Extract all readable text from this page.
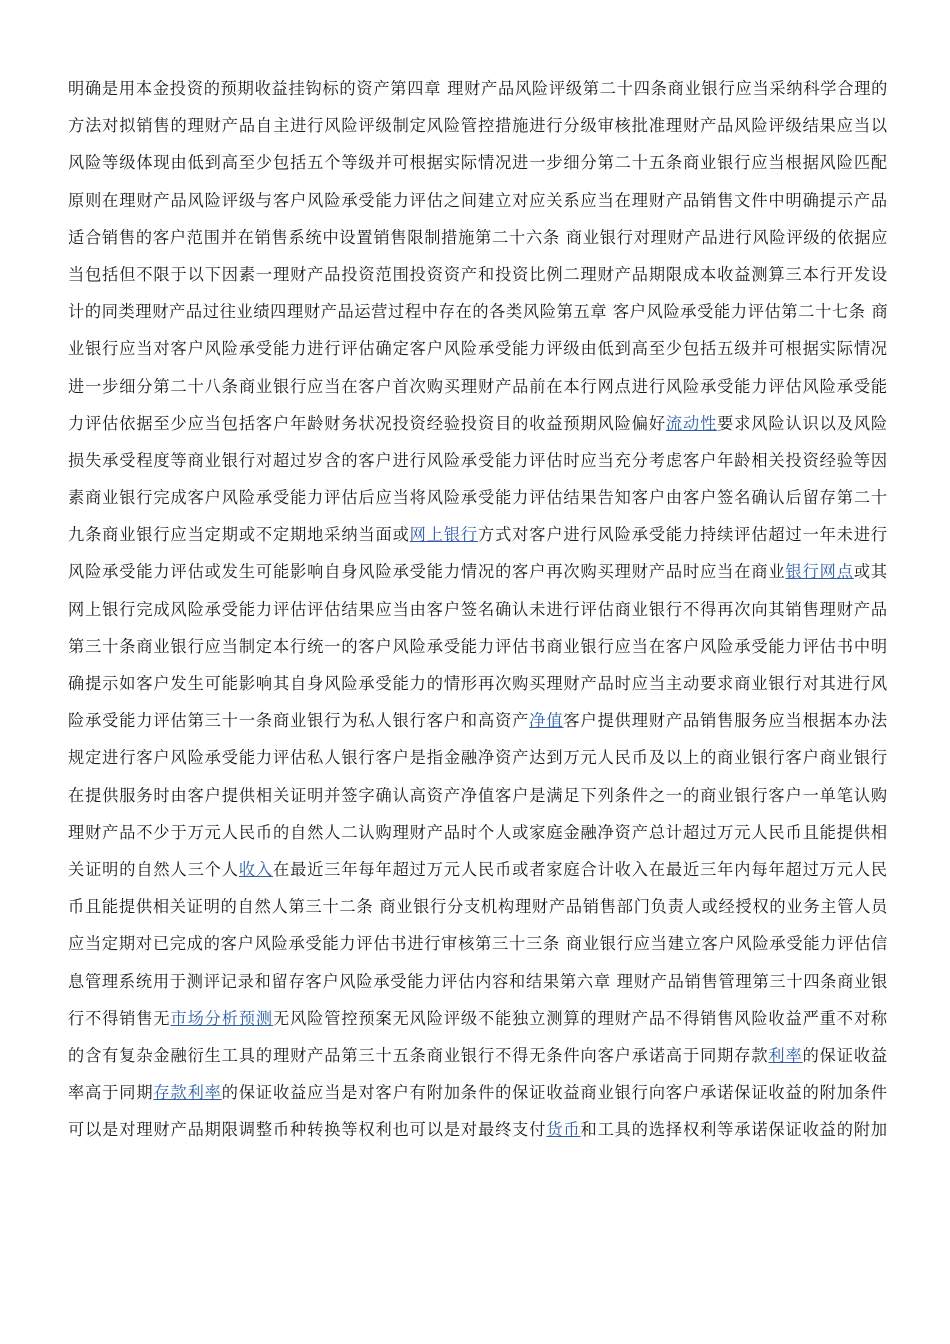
明确是用本金投资的预期收益挂钩标的资产第四章 理财产品风险评级第二十四条商业银行应当采纳科学合理的
方法对拟销售的理财产品自主进行风险评级制定风险管控措施进行分级审核批准理财产品风险评级结果应当以
风险等级体现由低到高至少包括五个等级并可根据实际情况进一步细分第二十五条商业银行应当根据风险匹配
原则在理财产品风险评级与客户风险承受能力评估之间建立对应关系应当在理财产品销售文件中明确提示产品
适合销售的客户范围并在销售系统中设置销售限制措施第二十六条 商业银行对理财产品进行风险评级的依据应
当包括但不限于以下因素一理财产品投资范围投资资产和投资比例二理财产品期限成本收益测算三本行开发设
计的同类理财产品过往业绩四理财产品运营过程中存在的各类风险第五章 客户风险承受能力评估第二十七条 商
业银行应当对客户风险承受能力进行评估确定客户风险承受能力评级由低到高至少包括五级并可根据实际情况
进一步细分第二十八条商业银行应当在客户首次购买理财产品前在本行网点进行风险承受能力评估风险承受能
力评估依据至少应当包括客户年龄财务状况投资经验投资目的收益预期风险偏好流动性要求风险认识以及风险
损失承受程度等商业银行对超过岁含的客户进行风险承受能力评估时应当充分考虑客户年龄相关投资经验等因
素商业银行完成客户风险承受能力评估后应当将风险承受能力评估结果告知客户由客户签名确认后留存第二十
九条商业银行应当定期或不定期地采纳当面或网上银行方式对客户进行风险承受能力持续评估超过一年未进行
风险承受能力评估或发生可能影响自身风险承受能力情况的客户再次购买理财产品时应当在商业银行网点或其
网上银行完成风险承受能力评估评估结果应当由客户签名确认未进行评估商业银行不得再次向其销售理财产品
第三十条商业银行应当制定本行统一的客户风险承受能力评估书商业银行应当在客户风险承受能力评估书中明
确提示如客户发生可能影响其自身风险承受能力的情形再次购买理财产品时应当主动要求商业银行对其进行风
险承受能力评估第三十一条商业银行为私人银行客户和高资产净值客户提供理财产品销售服务应当根据本办法
规定进行客户风险承受能力评估私人银行客户是指金融净资产达到万元人民币及以上的商业银行客户商业银行
在提供服务时由客户提供相关证明并签字确认高资产净值客户是满足下列条件之一的商业银行客户一单笔认购
理财产品不少于万元人民币的自然人二认购理财产品时个人或家庭金融净资产总计超过万元人民币且能提供相
关证明的自然人三个人收入在最近三年每年超过万元人民币或者家庭合计收入在最近三年内每年超过万元人民
币且能提供相关证明的自然人第三十二条 商业银行分支机构理财产品销售部门负责人或经授权的业务主管人员
应当定期对已完成的客户风险承受能力评估书进行审核第三十三条 商业银行应当建立客户风险承受能力评估信
息管理系统用于测评记录和留存客户风险承受能力评估内容和结果第六章 理财产品销售管理第三十四条商业银
行不得销售无市场分析预测无风险管控预案无风险评级不能独立测算的理财产品不得销售风险收益严重不对称
的含有复杂金融衍生工具的理财产品第三十五条商业银行不得无条件向客户承诺高于同期存款利率的保证收益
率高于同期存款利率的保证收益应当是对客户有附加条件的保证收益商业银行向客户承诺保证收益的附加条件
可以是对理财产品期限调整币种转换等权利也可以是对最终支付货币和工具的选择权利等承诺保证收益的附加
